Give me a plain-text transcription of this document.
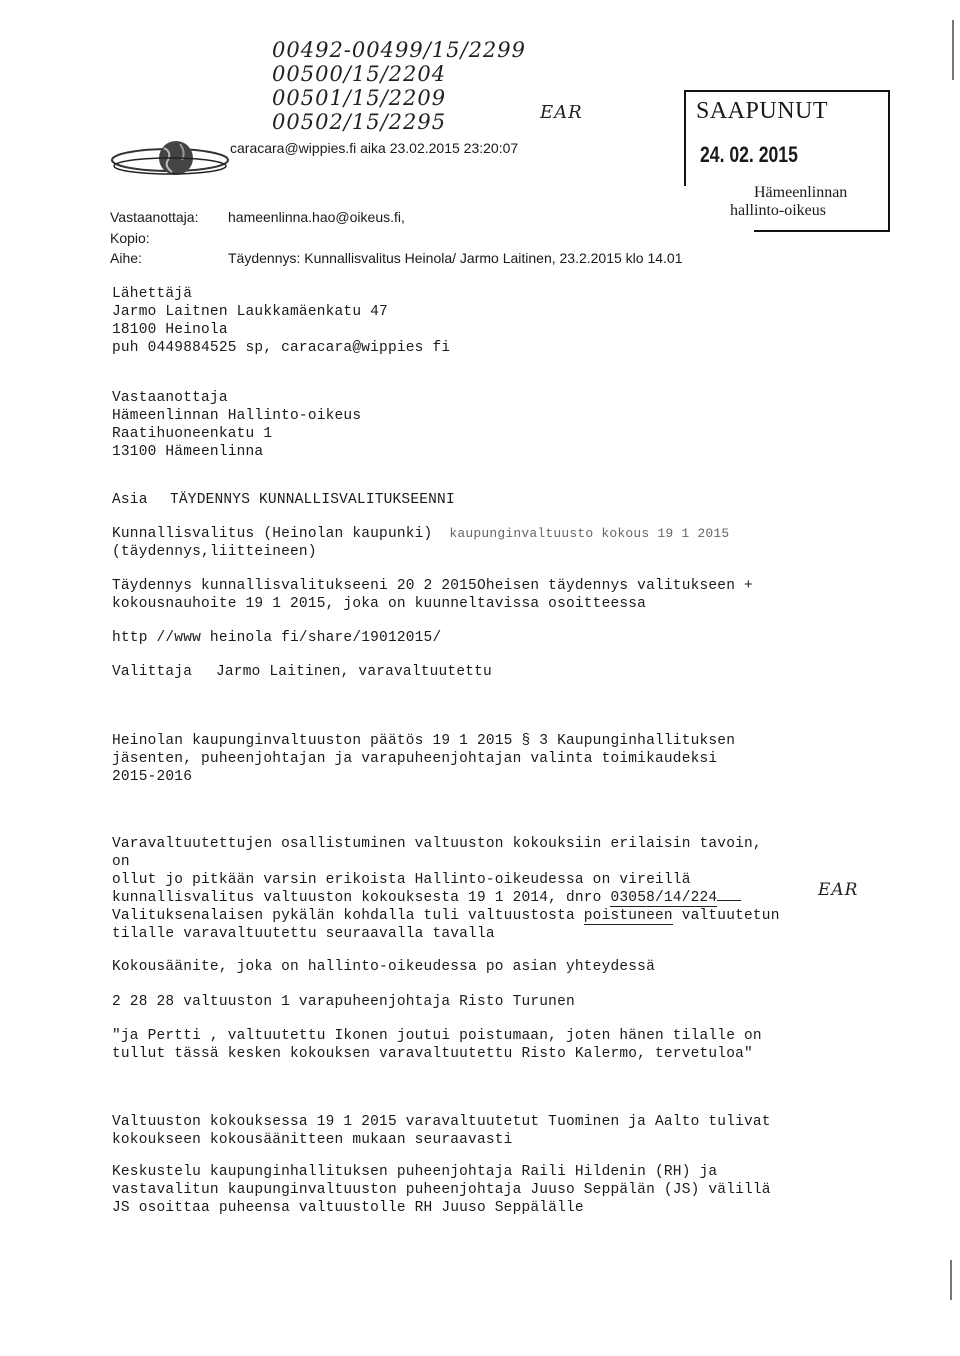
00492-00499/15/2299
00500/15/2204
00501/15/2209
00502/15/2295	EAR	SAAPUNUT
24. 02. 2015
Hämeenlinnan
hallinto-oikeus
caracara@wippies.fi aika 23.02.2015 23:20:07
Vastaanottaja: hameenlinna.hao@oikeus.fi,
Kopio:
Aihe:	Täydennys: Kunnallisvalitus Heinola/ Jarmo Laitinen, 23.2.2015 klo 14.01
Lähettäjä
Jarmo Laitnen Laukkamäenkatu 47
18100 Heinola
puh 0449884525 sp, caracara@wippies fi
Vastaanottaja
Hämeenlinnan Hallinto-oikeus
Raatihuoneenkatu 1
13100 Hämeenlinna
Asia TÄYDENNYS KUNNALLISVALITUKSEENNI
Kunnallisvalitus (Heinolan kaupunki) kaupunginvaltuusto kokous 19 1 2015
(täydennys,liitteineen)
Täydennys kunnallisvalitukseeni 20 2 2015Oheisen täydennys valitukseen +
kokousnauhoite 19 1 2015, joka on kuunneltavissa osoitteessa
http //www heinola fi/share/19012015/
Valittaja Jarmo Laitinen, varavaltuutettu
Heinolan kaupunginvaltuuston päätös 19 1 2015 § 3 Kaupunginhallituksen
jäsenten, puheenjohtajan ja varapuheenjohtajan valinta toimikaudeksi
2015-2016
Varavaltuutettujen osallistuminen valtuuston kokouksiin erilaisin tavoin,
on
ollut jo pitkään varsin erikoista Hallinto-oikeudessa on vireillä
kunnallisvalitus valtuuston kokouksesta 19 1 2014, dnro 03058/14/224	EAR
Valituksenalaisen pykälän kohdalla tuli valtuustosta poistuneen valtuutetun
tilalle varavaltuutettu seuraavalla tavalla
Kokousäänite, joka on hallinto-oikeudessa po asian yhteydessä
2 28 28 valtuuston 1 varapuheenjohtaja Risto Turunen
"ja Pertti , valtuutettu Ikonen joutui poistumaan, joten hänen tilalle on
tullut tässä kesken kokouksen varavaltuutettu Risto Kalermo, tervetuloa"
Valtuuston kokouksessa 19 1 2015 varavaltuutetut Tuominen ja Aalto tulivat
kokoukseen kokousäänitteen mukaan seuraavasti
Keskustelu kaupunginhallituksen puheenjohtaja Raili Hildenin (RH) ja
vastavalitun kaupunginvaltuuston puheenjohtaja Juuso Seppälän (JS) välillä
JS osoittaa puheensa valtuustolle RH Juuso Seppälälle
